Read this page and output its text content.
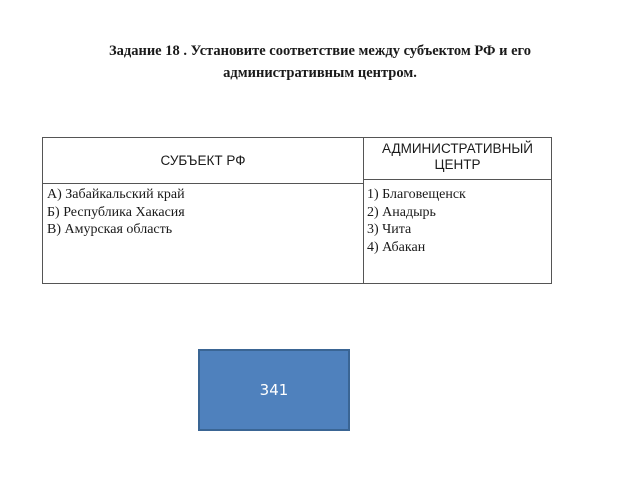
Задание 18 . Установите соответствие между субъектом РФ и его
административным центром.
СУБЪЕКТ РФ
АДМИНИСТРАТИВНЫЙ
ЦЕНТР
А) Забайкальский край
Б) Республика Хакасия
В) Амурская область
1) Благовещенск
2) Анадырь
3) Чита
4) Абакан
341
